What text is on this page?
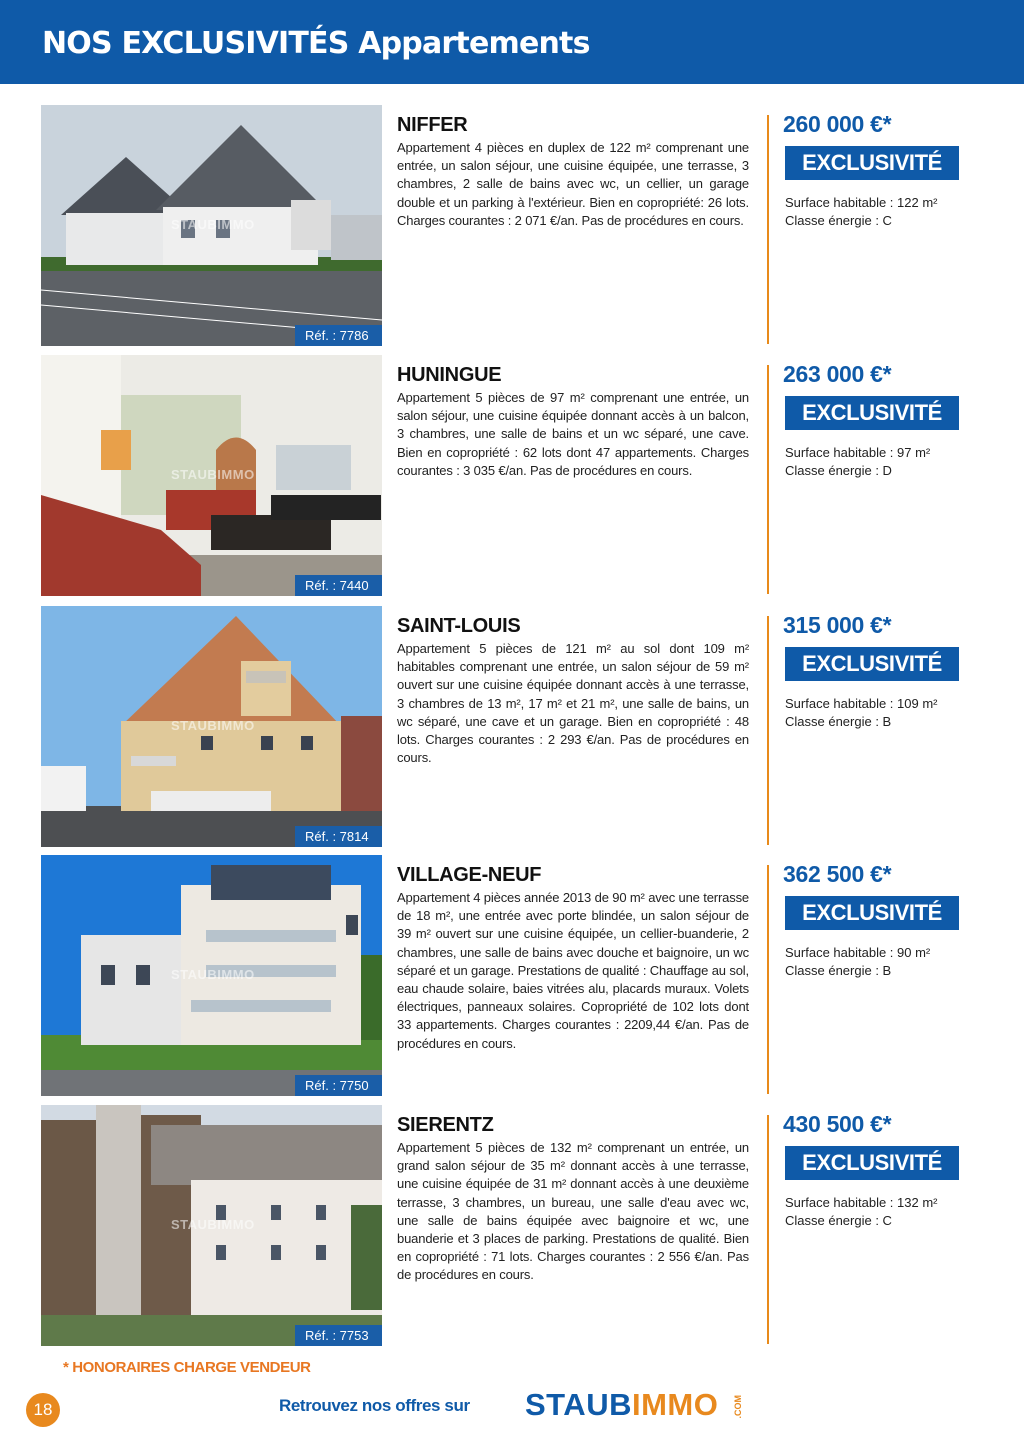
NOS EXCLUSIVITÉS Appartements
STAUBIMMO
Réf. : 7786
NIFFER

Appartement 4 pièces en duplex de 122 m² comprenant une entrée, un salon séjour, une cuisine équipée, une terrasse, 3 chambres, 2 salle de bains avec wc, un cellier, un garage double et un parking à l'extérieur. Bien en copropriété: 26 lots. Charges courantes : 2 071 €/an. Pas de procédures en cours.

260 000 €*
EXCLUSIVITÉ
Surface habitable : 122 m²
Classe énergie : C
STAUBIMMO
Réf. : 7440
HUNINGUE

Appartement 5 pièces de 97 m² comprenant une entrée, un salon séjour, une cuisine équipée donnant accès à un balcon, 3 chambres, une salle de bains et un wc séparé, une cave. Bien en copropriété : 62 lots dont 47 appartements. Charges courantes : 3 035 €/an. Pas de procédures en cours.

263 000 €*
EXCLUSIVITÉ
Surface habitable : 97 m²
Classe énergie : D
STAUBIMMO
Réf. : 7814
SAINT-LOUIS

Appartement 5 pièces de 121 m² au sol dont 109 m² habitables comprenant une entrée, un salon séjour de 59 m² ouvert sur une cuisine équipée donnant accès à une terrasse, 3 chambres de 13 m², 17 m² et 21 m², une salle de bains, un wc séparé, une cave et un garage. Bien en copropriété : 48 lots. Charges courantes : 2 293 €/an. Pas de procédures en cours.

315 000 €*
EXCLUSIVITÉ
Surface habitable : 109 m²
Classe énergie : B
STAUBIMMO
Réf. : 7750
VILLAGE-NEUF

Appartement 4 pièces année 2013 de 90 m² avec une terrasse de 18 m², une entrée avec porte blindée, un salon séjour de 39 m² ouvert sur une cuisine équipée, un cellier-buanderie, 2 chambres, une salle de bains avec douche et baignoire, un wc séparé et un garage. Prestations de qualité : Chauffage au sol, eau chaude solaire, baies vitrées alu, placards muraux. Volets électriques, panneaux solaires. Copropriété de 102 lots dont 33 appartements. Charges courantes : 2209,44 €/an. Pas de procédures en cours.

362 500 €*
EXCLUSIVITÉ
Surface habitable : 90 m²
Classe énergie : B
STAUBIMMO
Réf. : 7753
SIERENTZ

Appartement 5 pièces de 132 m² comprenant un entrée, un grand salon séjour de 35 m² donnant accès à une terrasse, une cuisine équipée de 31 m² donnant accès à une deuxième terrasse, 3 chambres, un bureau, une salle d'eau avec wc, une salle de bains équipée avec baignoire et wc, une buanderie et 3 places de parking. Prestations de qualité. Bien en copropriété : 71 lots. Charges courantes : 2 556 €/an. Pas de procédures en cours.

430 500 €*
EXCLUSIVITÉ
Surface habitable : 132 m²
Classe énergie : C
* HONORAIRES CHARGE VENDEUR
18	Retrouvez nos offres sur STAUBIMMO .COM
